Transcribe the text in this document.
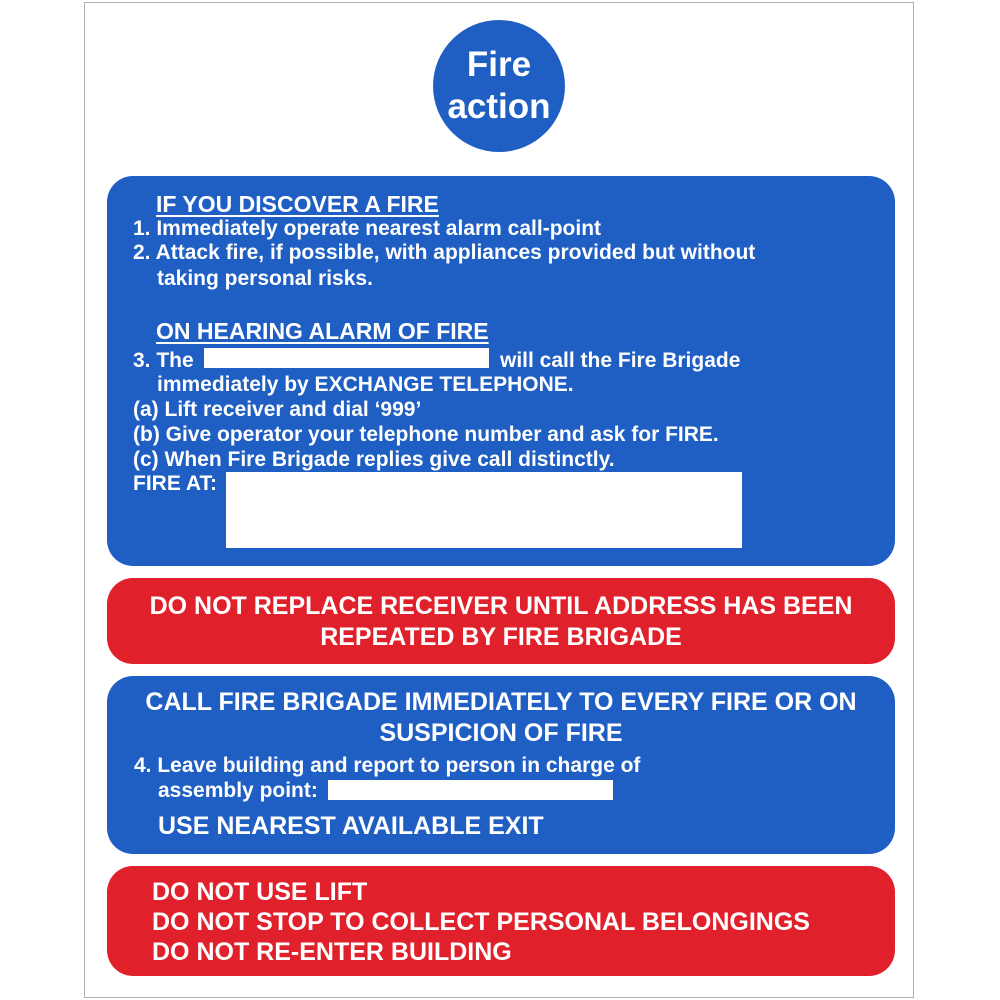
Fire
action
IF YOU DISCOVER A FIRE
1. Immediately operate nearest alarm call-point
2. Attack fire, if possible, with appliances provided but without
taking personal risks.
ON HEARING ALARM OF FIRE
3. The	will call the Fire Brigade
immediately by EXCHANGE TELEPHONE.
(a) Lift receiver and dial ‘999’
(b) Give operator your telephone number and ask for FIRE.
(c) When Fire Brigade replies give call distinctly.
FIRE AT:
DO NOT REPLACE RECEIVER UNTIL ADDRESS HAS BEEN REPEATED BY FIRE BRIGADE
CALL FIRE BRIGADE IMMEDIATELY TO EVERY FIRE OR ON SUSPICION OF FIRE
4. Leave building and report to person in charge of
assembly point:
USE NEAREST AVAILABLE EXIT
DO NOT USE LIFT
DO NOT STOP TO COLLECT PERSONAL BELONGINGS
DO NOT RE-ENTER BUILDING
